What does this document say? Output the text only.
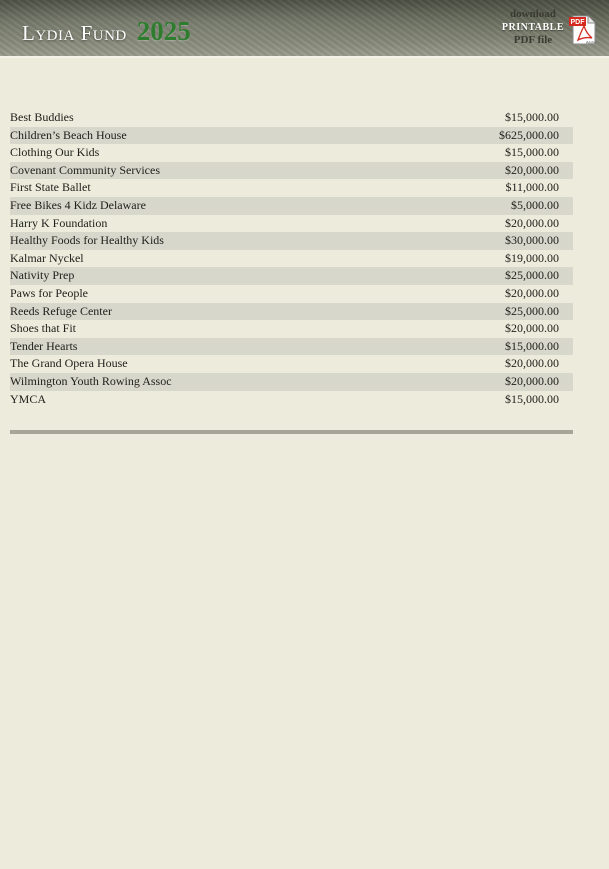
Lydia Fund 2025
download
PRINTABLE
PDF file
PDF
Adobe
Best Buddies	$15,000.00
Children’s Beach House	$625,000.00
Clothing Our Kids	$15,000.00
Covenant Community Services	$20,000.00
First State Ballet	$11,000.00
Free Bikes 4 Kidz Delaware	$5,000.00
Harry K Foundation	$20,000.00
Healthy Foods for Healthy Kids	$30,000.00
Kalmar Nyckel	$19,000.00
Nativity Prep	$25,000.00
Paws for People	$20,000.00
Reeds Refuge Center	$25,000.00
Shoes that Fit	$20,000.00
Tender Hearts	$15,000.00
The Grand Opera House	$20,000.00
Wilmington Youth Rowing Assoc	$20,000.00
YMCA	$15,000.00
